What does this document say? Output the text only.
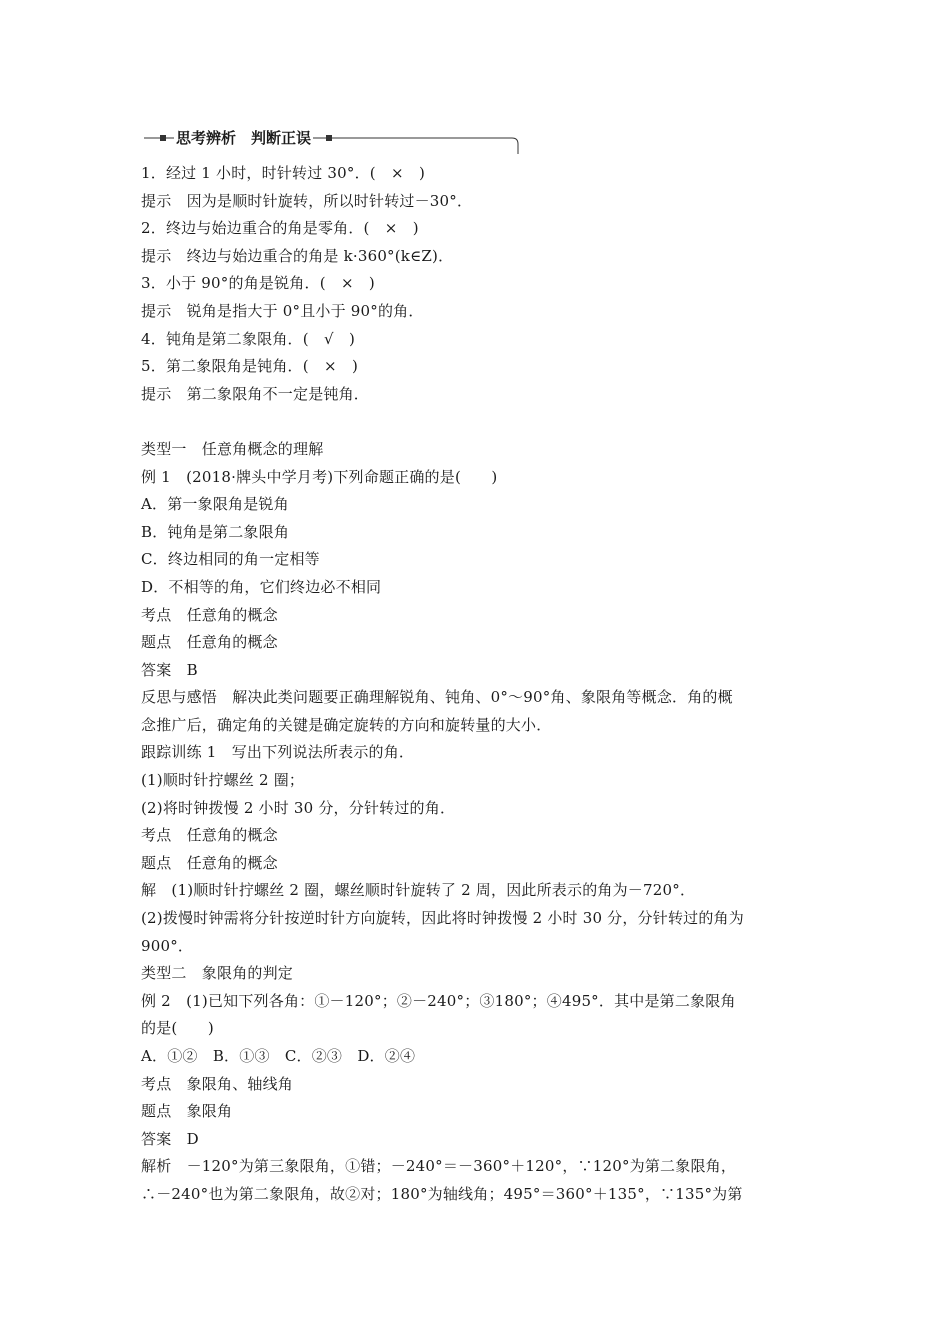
思考辨析　判断正误
1．经过 1 小时，时针转过 30°．(　×　)
提示　因为是顺时针旋转，所以时针转过－30°．
2．终边与始边重合的角是零角．(　×　)
提示　终边与始边重合的角是 k·360°(k∈Z)．
3．小于 90°的角是锐角．(　×　)
提示　锐角是指大于 0°且小于 90°的角．
4．钝角是第二象限角．(　√　)
5．第二象限角是钝角．(　×　)
提示　第二象限角不一定是钝角．
类型一　任意角概念的理解
例 1　(2018·牌头中学月考)下列命题正确的是(　　)
A．第一象限角是锐角
B．钝角是第二象限角
C．终边相同的角一定相等
D．不相等的角，它们终边必不相同
考点　任意角的概念
题点　任意角的概念
答案　B
反思与感悟　解决此类问题要正确理解锐角、钝角、0°～90°角、象限角等概念．角的概
念推广后，确定角的关键是确定旋转的方向和旋转量的大小．
跟踪训练 1　写出下列说法所表示的角．
(1)顺时针拧螺丝 2 圈；
(2)将时钟拨慢 2 小时 30 分，分针转过的角．
考点　任意角的概念
题点　任意角的概念
解　(1)顺时针拧螺丝 2 圈，螺丝顺时针旋转了 2 周，因此所表示的角为－720°．
(2)拨慢时钟需将分针按逆时针方向旋转，因此将时钟拨慢 2 小时 30 分，分针转过的角为
900°．
类型二　象限角的判定
例 2　(1)已知下列各角：①－120°；②－240°；③180°；④495°．其中是第二象限角
的是(　　)
A．①②　B．①③　C．②③　D．②④
考点　象限角、轴线角
题点　象限角
答案　D
解析　－120°为第三象限角，①错；－240°＝－360°＋120°，∵120°为第二象限角，
∴－240°也为第二象限角，故②对；180°为轴线角；495°＝360°＋135°，∵135°为第
